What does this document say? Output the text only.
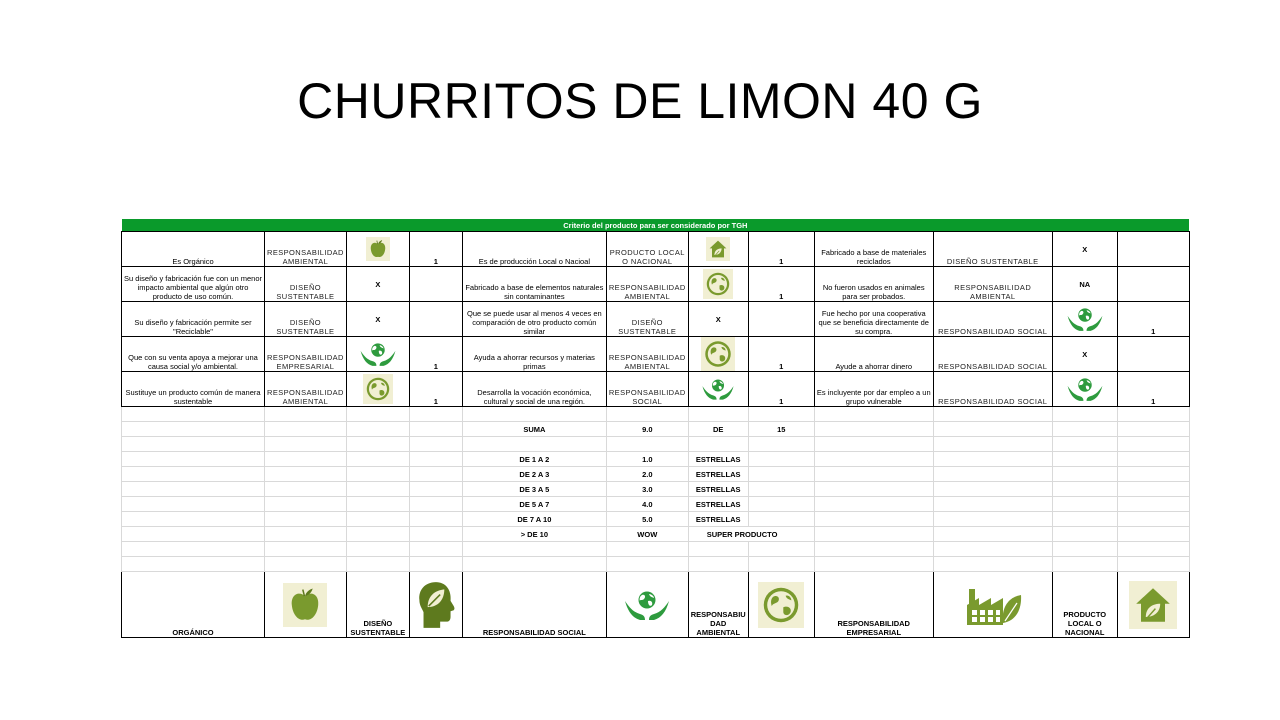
CHURRITOS DE LIMON 40 G
Criterio del producto para ser considerado por TGH											
Es Orgánico	RESPONSABILIDAD AMBIENTAL		1	Es de producción Local o Nacioal	PRODUCTO LOCAL O NACIONAL		1	Fabricado a base de materiales reciclados	DISEÑO SUSTENTABLE	X	
Su diseño y fabricación fue con un menor impacto ambiental que algún otro producto de uso común.	DISEÑO SUSTENTABLE	X		Fabricado a base de elementos naturales sin contaminantes	RESPONSABILIDAD AMBIENTAL		1	No fueron usados en animales para ser probados.	RESPONSABILIDAD AMBIENTAL	NA	
Su diseño y fabricación permite ser "Reciclable"	DISEÑO SUSTENTABLE	X		Que se puede usar al menos 4 veces en comparación de otro producto común similar	DISEÑO SUSTENTABLE	X		Fue hecho por una cooperativa que se beneficia directamente de su compra.	RESPONSABILIDAD SOCIAL		1
Que con su venta apoya a mejorar una causa social y/o ambiental.	RESPONSABILIDAD EMPRESARIAL		1	Ayuda a ahorrar recursos y materias primas	RESPONSABILIDAD AMBIENTAL		1	Ayude a ahorrar dinero	RESPONSABILIDAD SOCIAL	X	
Sustituye un producto común de manera sustentable	RESPONSABILIDAD AMBIENTAL		1	Desarrolla la vocación económica, cultural y social de una región.	RESPONSABILIDAD SOCIAL		1	Es incluyente por dar empleo a un grupo vulnerable	RESPONSABILIDAD SOCIAL		1

				SUMA	9.0	DE	15				

				DE 1 A 2	1.0	ESTRELLAS					
				DE 2 A 3	2.0	ESTRELLAS					
				DE 3 A 5	3.0	ESTRELLAS					
				DE 5 A 7	4.0	ESTRELLAS					
				DE 7 A 10	5.0	ESTRELLAS					
				> DE 10	WOW	SUPER PRODUCTO					

ORGÁNICO		DISEÑO SUSTENTABLE		RESPONSABILIDAD SOCIAL		RESPONSABIU DAD AMBIENTAL		RESPONSABILIDAD EMPRESARIAL		PRODUCTO LOCAL O NACIONAL	
